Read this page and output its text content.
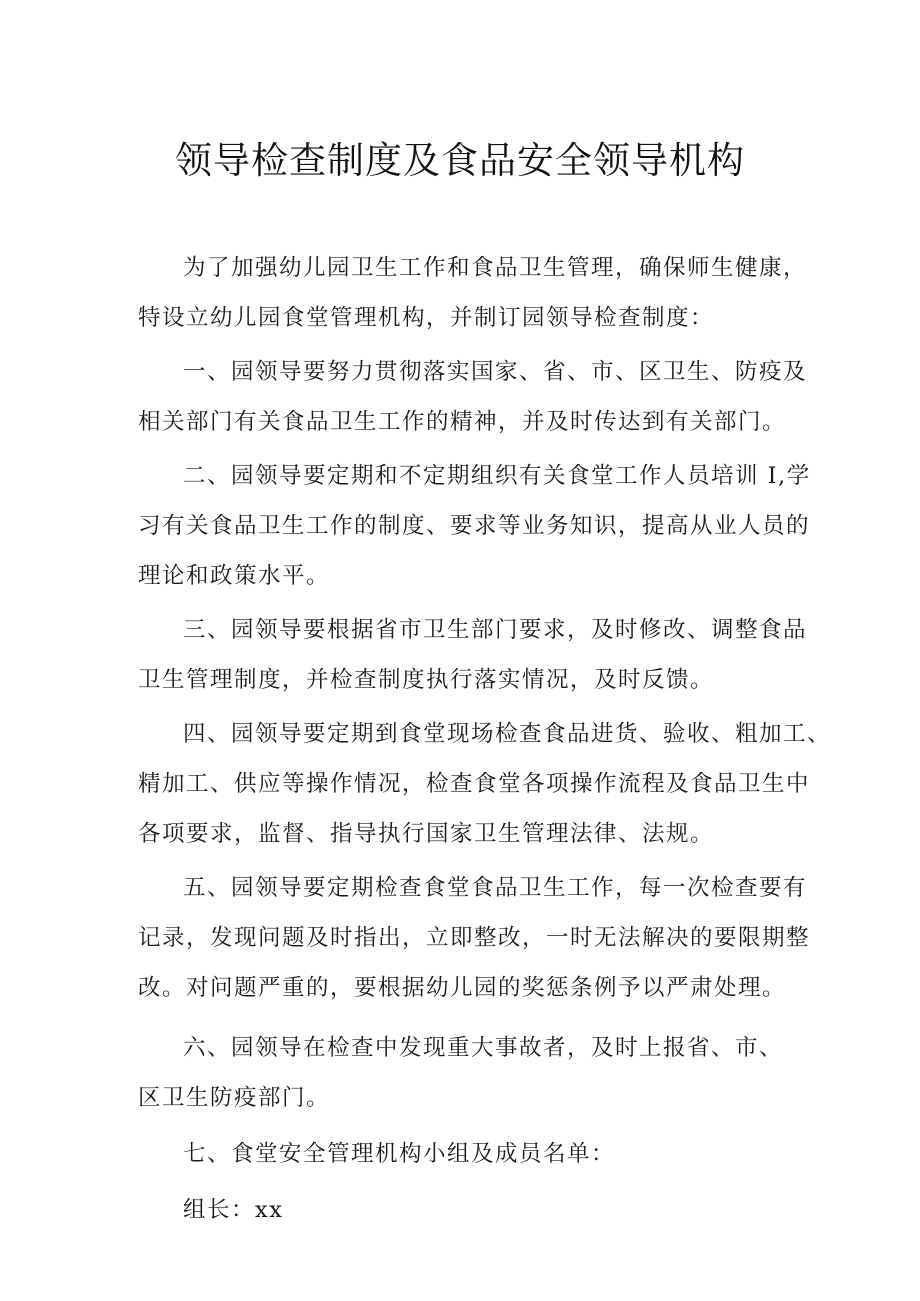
领导检查制度及食品安全领导机构

为了加强幼儿园卫生工作和食品卫生管理，确保师生健康，
特设立幼儿园食堂管理机构，并制订园领导检查制度：

一、园领导要努力贯彻落实国家、省、市、区卫生、防疫及
相关部门有关食品卫生工作的精神，并及时传达到有关部门。

二、园领导要定期和不定期组织有关食堂工作人员培训 I,学
习有关食品卫生工作的制度、要求等业务知识，提高从业人员的
理论和政策水平。

三、园领导要根据省市卫生部门要求，及时修改、调整食品
卫生管理制度，并检查制度执行落实情况，及时反馈。

四、园领导要定期到食堂现场检查食品进货、验收、粗加工、
精加工、供应等操作情况，检查食堂各项操作流程及食品卫生中
各项要求，监督、指导执行国家卫生管理法律、法规。

五、园领导要定期检查食堂食品卫生工作，每一次检查要有
记录，发现问题及时指出，立即整改，一时无法解决的要限期整
改。对问题严重的，要根据幼儿园的奖惩条例予以严肃处理。

六、园领导在检查中发现重大事故者，及时上报省、市、
区卫生防疫部门。

七、食堂安全管理机构小组及成员名单：

组长：xx
